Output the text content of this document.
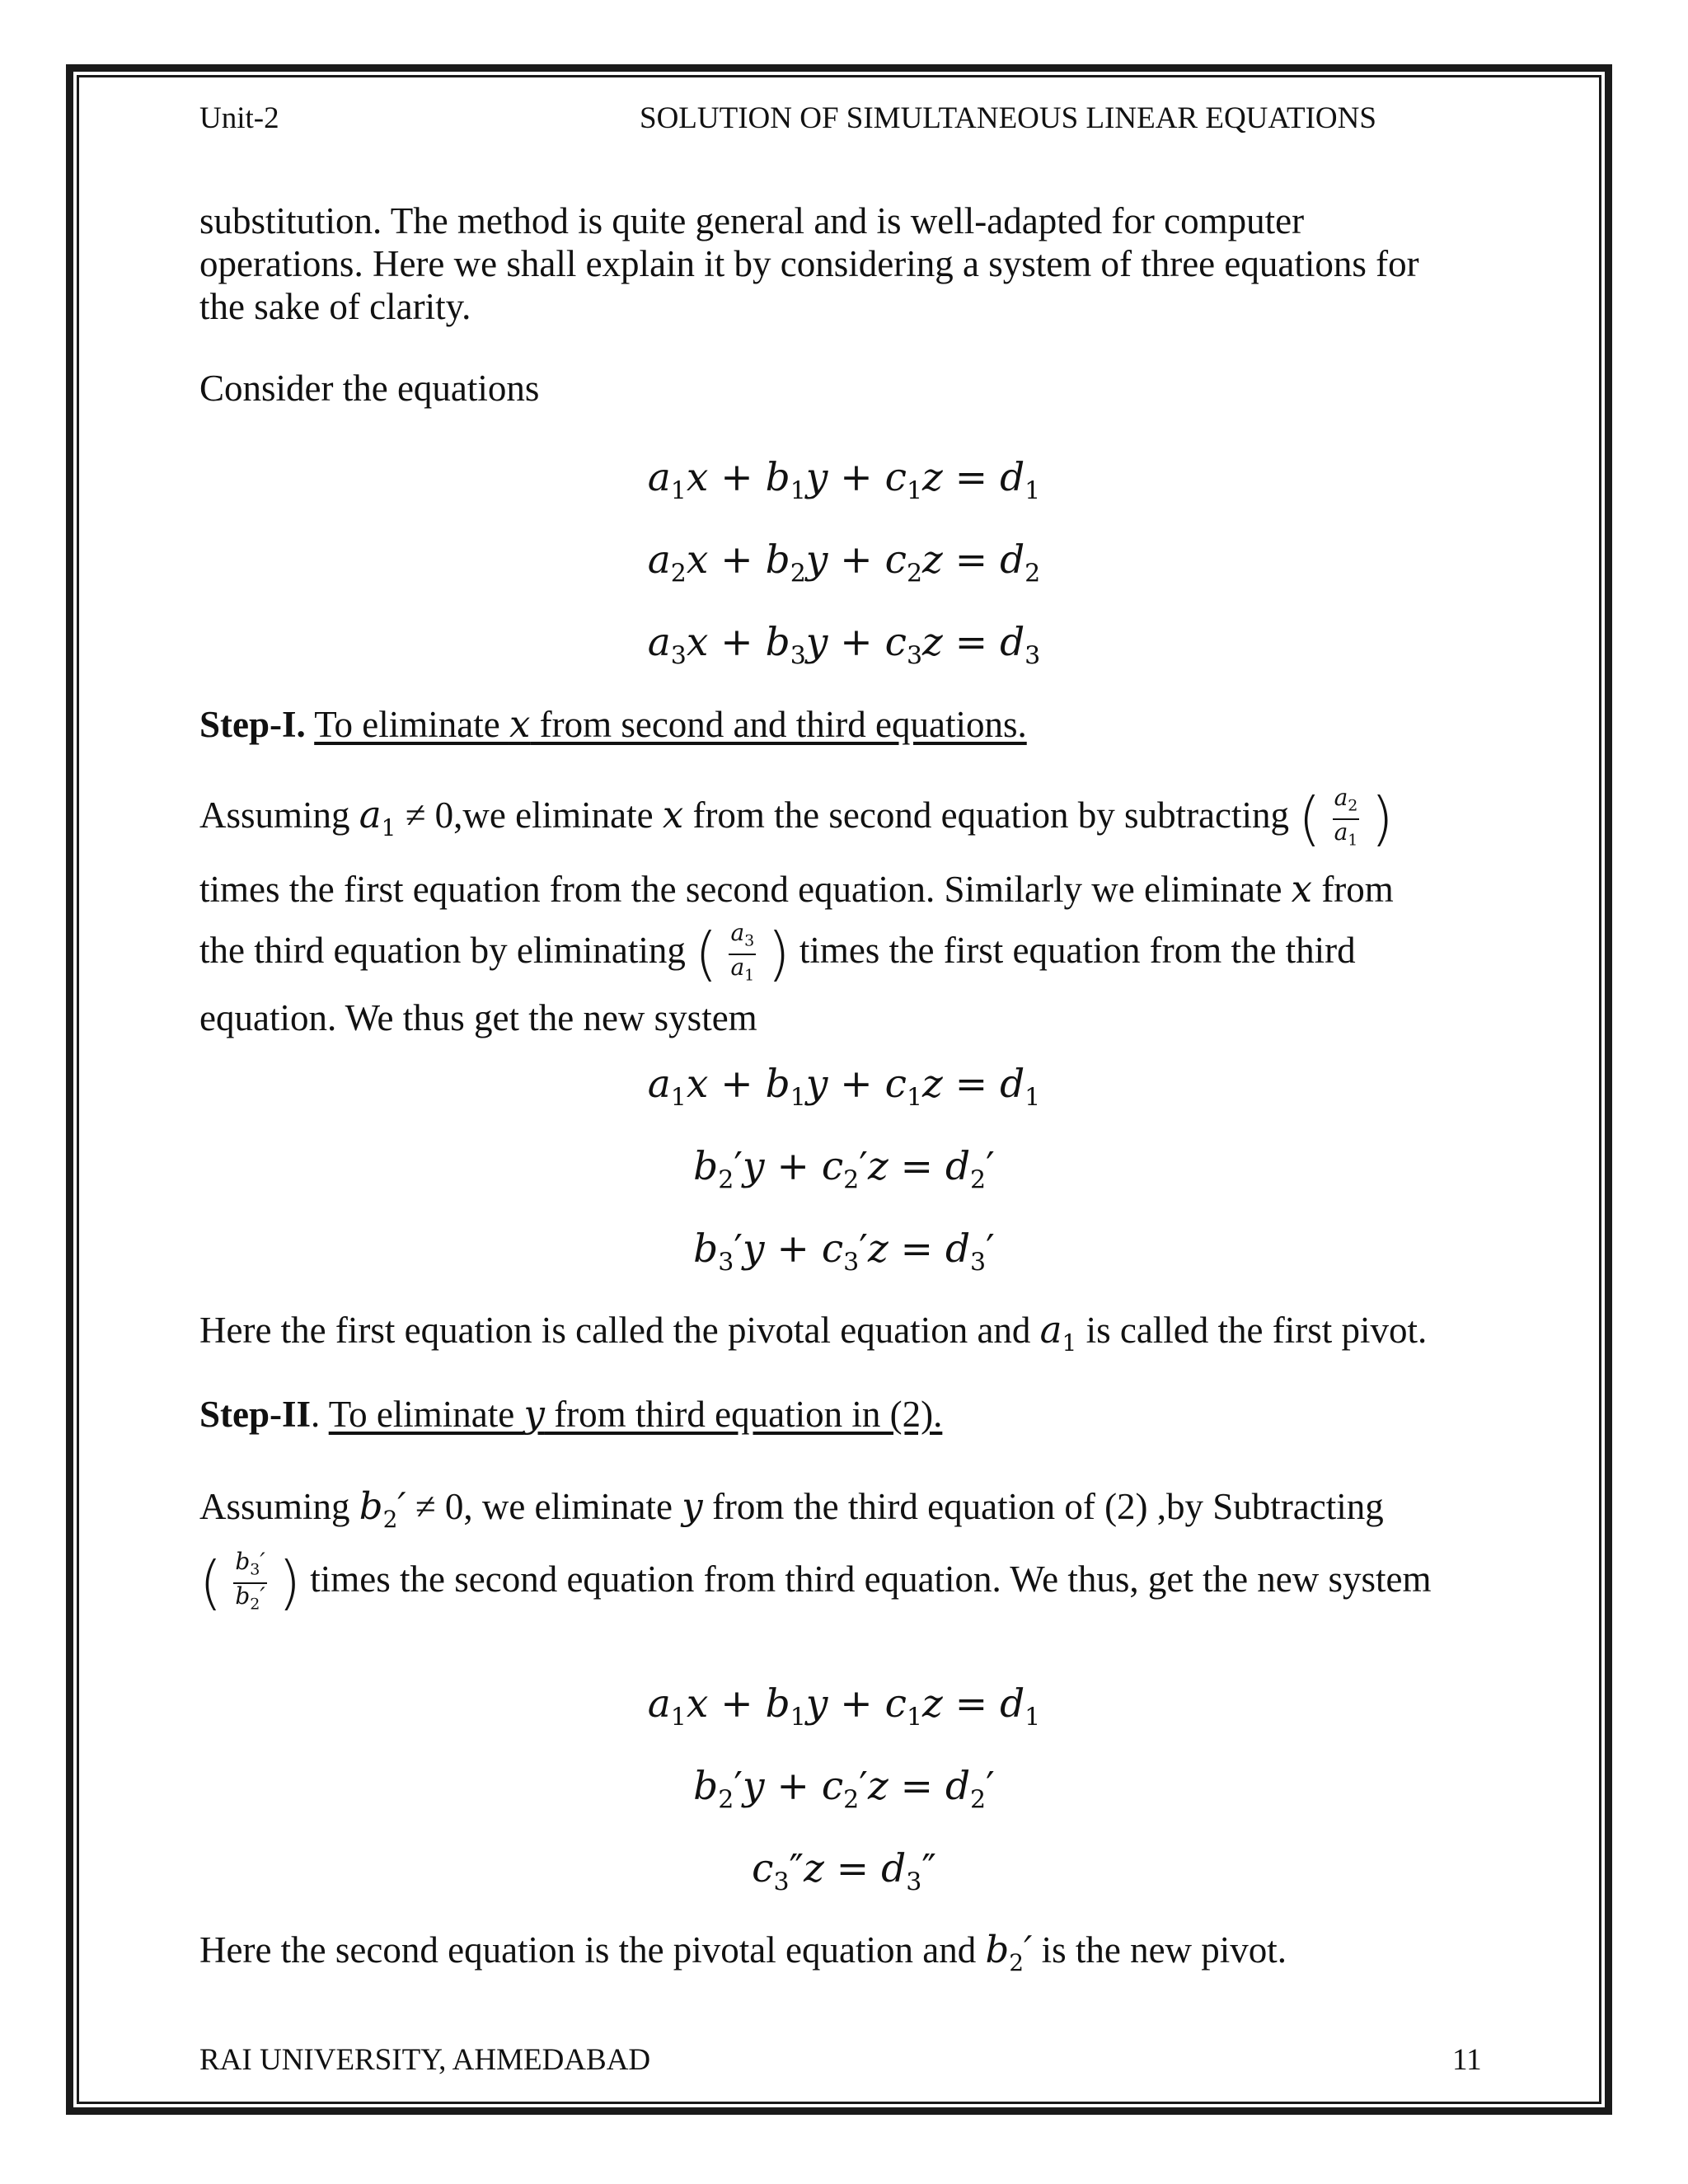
Unit-2	SOLUTION OF SIMULTANEOUS LINEAR EQUATIONS

substitution. The method is quite general and is well-adapted for computer

operations. Here we shall explain it by considering a system of three equations for

the sake of clarity.

Consider the equations
$a_1x + b_1y + c_1z = d_1$
$a_2x + b_2y + c_2z = d_2$
$a_3x + b_3y + c_3z = d_3$
Step-I. To eliminate x from second and third equations.
Assuming $a_1 \ne 0,we$ eliminate x from the second equation by subtracting ( $\frac{a_2}{a_1}$ )
times the first equation from the second equation. Similarly we eliminate x from
the third equation by eliminating ( $\frac{a_3}{a_1}$ ) times the first equation from the third
equation. We thus get the new system
$a_1x + b_1y + c_1z = d_1$
$b_2'y + c_2'z = d_2'$
$b_3'y + c_3'z = d_3'$
Here the first equation is called the pivotal equation and $a_1$ is called the first pivot.
Step-II. To eliminate y from third equation in (2).
Assuming $b_2' \ne 0$, we eliminate y from the third equation of (2) ,by Subtracting
( $\frac{b_3'}{b_2'}$ ) times the second equation from third equation. We thus, get the new system
$a_1x + b_1y + c_1z = d_1$
$b_2'y + c_2'z = d_2'$
$c_3''z = d_3''$
Here the second equation is the pivotal equation and $b_2'$ is the new pivot.
RAI UNIVERSITY, AHMEDABAD	11
